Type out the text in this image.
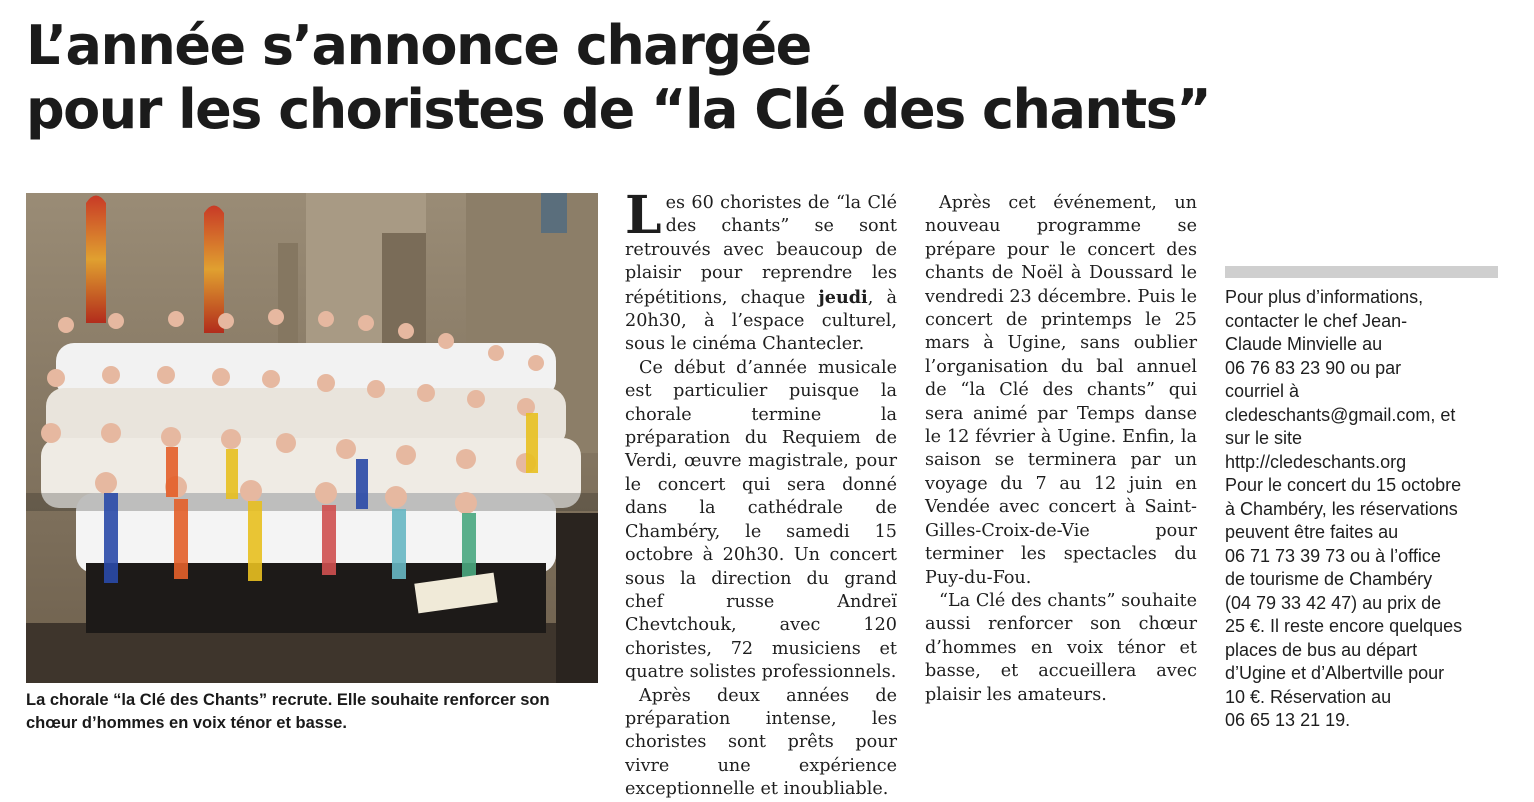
L’année s’annonce chargée
pour les choristes de “la Clé des chants”
La chorale “la Clé des Chants” recrute. Elle souhaite renforcer son
chœur d’hommes en voix ténor et basse.

Les 60 choristes de “la Clé des chants” se sont retrouvés avec beaucoup de plaisir pour reprendre les répétitions, chaque jeudi, à 20h30, à l’espace culturel, sous le cinéma Chantecler.

Ce début d’année musicale est particulier puisque la chorale termine la préparation du Requiem de Verdi, œuvre magistrale, pour le concert qui sera donné dans la cathédrale de Chambéry, le samedi 15 octobre à 20h30. Un concert sous la direction du grand chef russe Andreï Chevtchouk, avec 120 choristes, 72 musiciens et quatre solistes professionnels.

Après deux années de préparation intense, les choristes sont prêts pour vivre une expérience exceptionnelle et inoubliable.

Après cet événement, un nouveau programme se prépare pour le concert des chants de Noël à Doussard le vendredi 23 décembre. Puis le concert de printemps le 25 mars à Ugine, sans oublier l’organisation du bal annuel de “la Clé des chants” qui sera animé par Temps danse le 12 février à Ugine. Enfin, la saison se terminera par un voyage du 7 au 12 juin en Vendée avec concert à Saint-Gilles-Croix-de-Vie pour terminer les spectacles du Puy-du-Fou.

“La Clé des chants” souhaite aussi renforcer son chœur d’hommes en voix ténor et basse, et accueillera avec plaisir les amateurs.

Pour plus d’informations,

contacter le chef Jean-

Claude Minvielle au

06 76 83 23 90 ou par

courriel à

cledeschants@gmail.com, et

sur le site

http://cledeschants.org

Pour le concert du 15 octobre

à Chambéry, les réservations

peuvent être faites au

06 71 73 39 73 ou à l’office

de tourisme de Chambéry

(04 79 33 42 47) au prix de

25 €. Il reste encore quelques

places de bus au départ

d’Ugine et d’Albertville pour

10 €. Réservation au

06 65 13 21 19.
